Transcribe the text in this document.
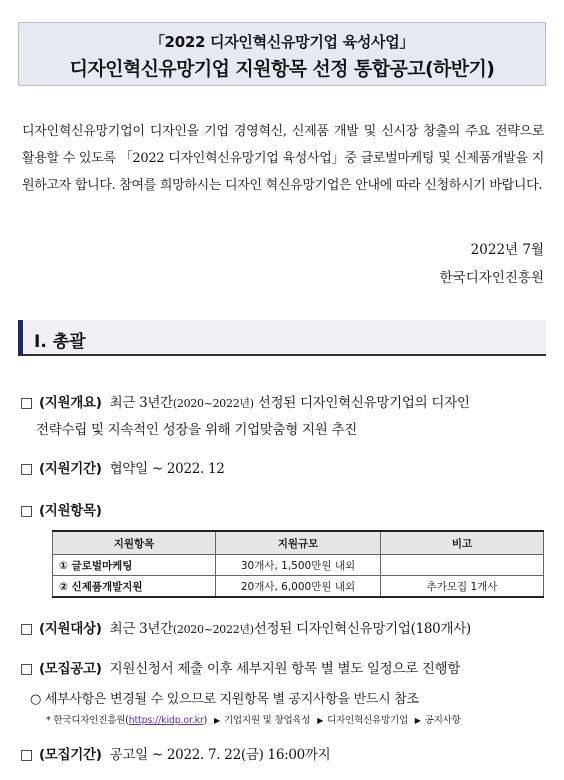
「2022 디자인혁신유망기업 육성사업」
디자인혁신유망기업 지원항목 선정 통합공고(하반기)

디자인혁신유망기업이 디자인을 기업 경영혁신, 신제품 개발 및 신시장 창출의 주요 전략으로 활용할 수 있도록 「2022 디자인혁신유망기업 육성사업」중 글로벌마케팅 및 신제품개발을 지원하고자 합니다. 참여를 희망하시는 디자인 혁신유망기업은 안내에 따라 신청하시기 바랍니다.

2022년 7월
한국디자인진흥원
Ⅰ. 총괄
□ (지원개요) 최근 3년간(2020~2022년) 선정된 디자인혁신유망기업의 디자인
전략수립 및 지속적인 성장을 위해 기업맞춤형 지원 추진
□ (지원기간) 협약일 ~ 2022. 12
□ (지원항목)
지원항목	지원규모	비고
① 글로벌마케팅	30개사, 1,500만원 내외	
② 신제품개발지원	20개사, 6,000만원 내외	추가모집 1개사
□ (지원대상) 최근 3년간(2020~2022년)선정된 디자인혁신유망기업(180개사)
□ (모집공고) 지원신청서 제출 이후 세부지원 항목 별 별도 일정으로 진행함
○ 세부사항은 변경될 수 있으므로 지원항목 별 공지사항을 반드시 참조
* 한국디자인진흥원(https://kidp.or.kr) ▶ 기업지원 및 창업육성 ▶ 디자인혁신유망기업 ▶ 공지사항
□ (모집기간) 공고일 ~ 2022. 7. 22(금) 16:00까지
